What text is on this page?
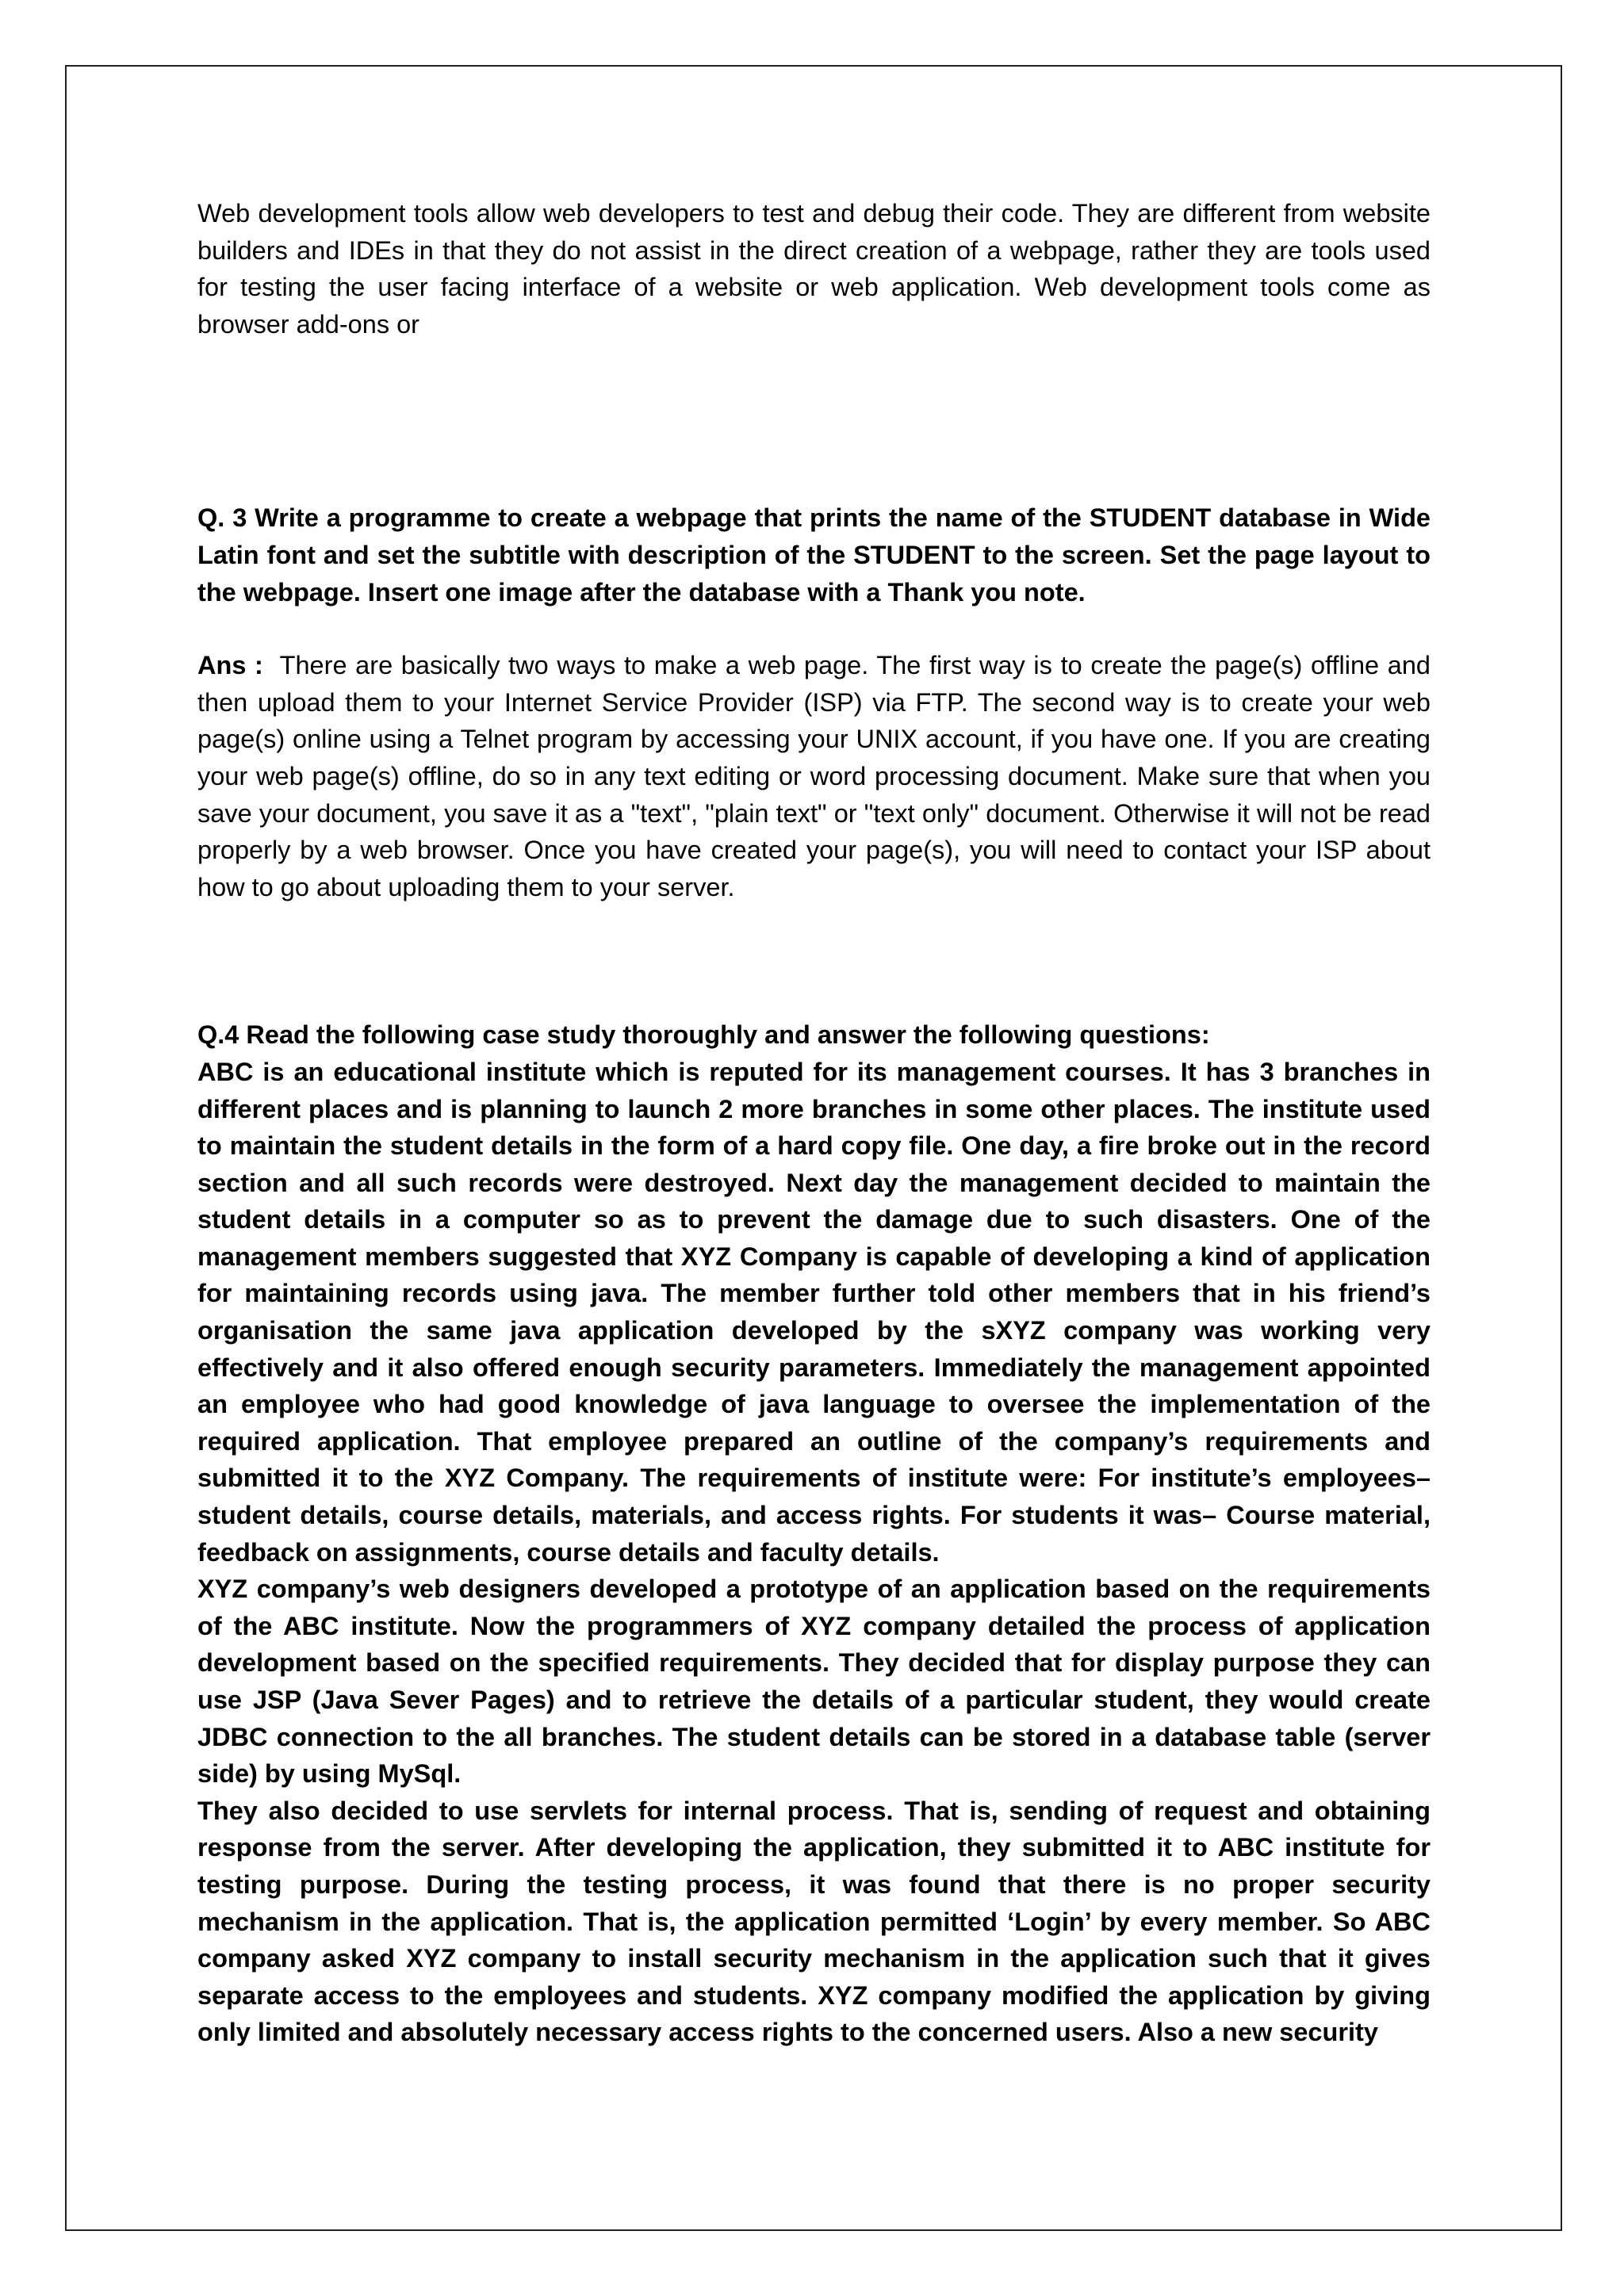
Web development tools allow web developers to test and debug their code. They are different from website builders and IDEs in that they do not assist in the direct creation of a webpage, rather they are tools used for testing the user facing interface of a website or web application. Web development tools come as browser add-ons or

Q. 3 Write a programme to create a webpage that prints the name of the STUDENT database in Wide Latin font and set the subtitle with description of the STUDENT to the screen. Set the page layout to the webpage. Insert one image after the database with a Thank you note.

Ans : There are basically two ways to make a web page. The first way is to create the page(s) offline and then upload them to your Internet Service Provider (ISP) via FTP. The second way is to create your web page(s) online using a Telnet program by accessing your UNIX account, if you have one. If you are creating your web page(s) offline, do so in any text editing or word processing document. Make sure that when you save your document, you save it as a "text", "plain text" or "text only" document. Otherwise it will not be read properly by a web browser. Once you have created your page(s), you will need to contact your ISP about how to go about uploading them to your server.

Q.4 Read the following case study thoroughly and answer the following questions:

ABC is an educational institute which is reputed for its management courses. It has 3 branches in different places and is planning to launch 2 more branches in some other places. The institute used to maintain the student details in the form of a hard copy file. One day, a fire broke out in the record section and all such records were destroyed. Next day the management decided to maintain the student details in a computer so as to prevent the damage due to such disasters. One of the management members suggested that XYZ Company is capable of developing a kind of application for maintaining records using java. The member further told other members that in his friend’s organisation the same java application developed by the sXYZ company was working very effectively and it also offered enough security parameters. Immediately the management appointed an employee who had good knowledge of java language to oversee the implementation of the required application. That employee prepared an outline of the company’s requirements and submitted it to the XYZ Company. The requirements of institute were: For institute’s employees–student details, course details, materials, and access rights. For students it was– Course material, feedback on assignments, course details and faculty details.

XYZ company’s web designers developed a prototype of an application based on the requirements of the ABC institute. Now the programmers of XYZ company detailed the process of application development based on the specified requirements. They decided that for display purpose they can use JSP (Java Sever Pages) and to retrieve the details of a particular student, they would create JDBC connection to the all branches. The student details can be stored in a database table (server side) by using MySql.

They also decided to use servlets for internal process. That is, sending of request and obtaining response from the server. After developing the application, they submitted it to ABC institute for testing purpose. During the testing process, it was found that there is no proper security mechanism in the application. That is, the application permitted ‘Login’ by every member. So ABC company asked XYZ company to install security mechanism in the application such that it gives separate access to the employees and students. XYZ company modified the application by giving only limited and absolutely necessary access rights to the concerned users. Also a new security
